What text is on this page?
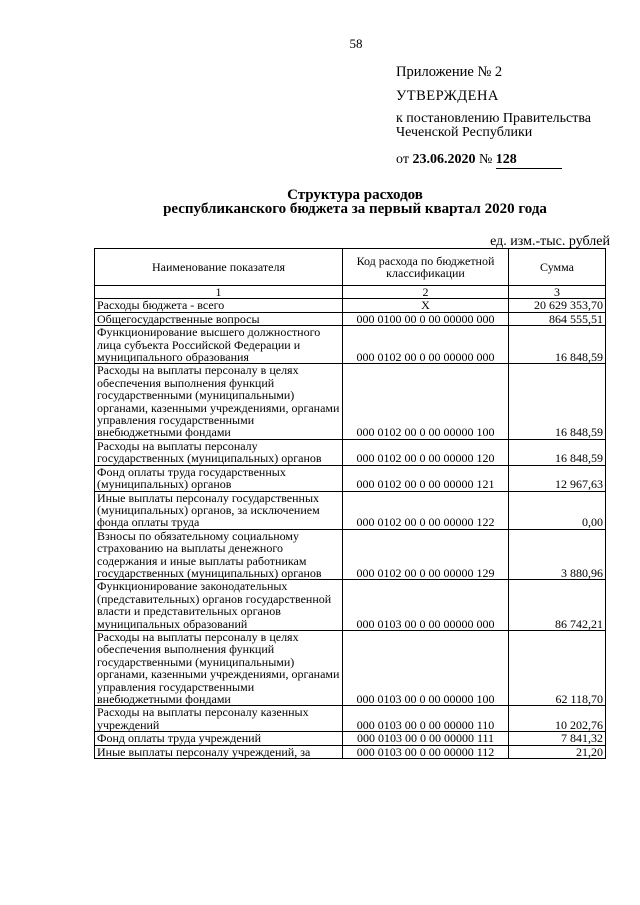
58
Приложение № 2
УТВЕРЖДЕНА
к постановлению Правительства
Чеченской Республики
от 23.06.2020 № 128
Структура расходов
республиканского бюджета за первый квартал 2020 года
ед. изм.-тыс. рублей
Наименование показателя	Код расхода по бюджетной классификации	Сумма
1	2	3
Расходы бюджета - всего	X	20 629 353,70
Общегосударственные вопросы	000 0100 00 0 00 00000 000	864 555,51
Функционирование высшего должностного лица субъекта Российской Федерации и муниципального образования	000 0102 00 0 00 00000 000	16 848,59
Расходы на выплаты персоналу в целях обеспечения выполнения функций государственными (муниципальными) органами, казенными учреждениями, органами управления государственными внебюджетными фондами	000 0102 00 0 00 00000 100	16 848,59
Расходы на выплаты персоналу государственных (муниципальных) органов	000 0102 00 0 00 00000 120	16 848,59
Фонд оплаты труда государственных (муниципальных) органов	000 0102 00 0 00 00000 121	12 967,63
Иные выплаты персоналу государственных (муниципальных) органов, за исключением фонда оплаты труда	000 0102 00 0 00 00000 122	0,00
Взносы по обязательному социальному страхованию на выплаты денежного содержания и иные выплаты работникам государственных (муниципальных) органов	000 0102 00 0 00 00000 129	3 880,96
Функционирование законодательных (представительных) органов государственной власти и представительных органов муниципальных образований	000 0103 00 0 00 00000 000	86 742,21
Расходы на выплаты персоналу в целях обеспечения выполнения функций государственными (муниципальными) органами, казенными учреждениями, органами управления государственными внебюджетными фондами	000 0103 00 0 00 00000 100	62 118,70
Расходы на выплаты персоналу казенных учреждений	000 0103 00 0 00 00000 110	10 202,76
Фонд оплаты труда учреждений	000 0103 00 0 00 00000 111	7 841,32
Иные выплаты персоналу учреждений, за	000 0103 00 0 00 00000 112	21,20
